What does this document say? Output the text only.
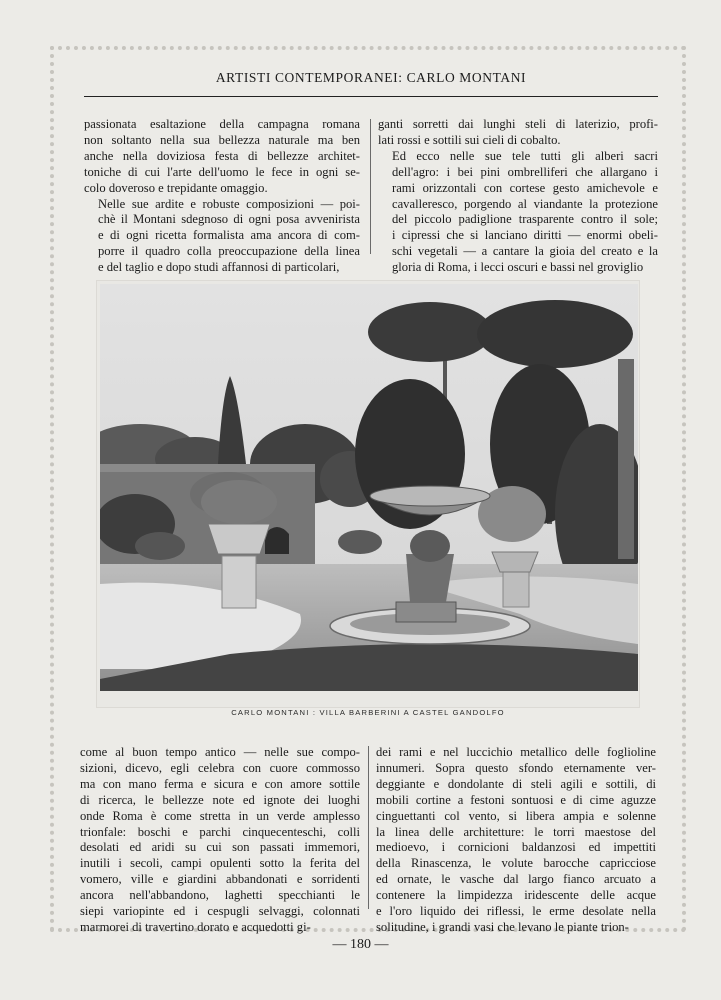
ARTISTI CONTEMPORANEI: CARLO MONTANI

passionata esaltazione della campagna romana
non soltanto nella sua bellezza naturale ma ben
anche nella doviziosa festa di bellezze architet-
toniche di cui l'arte dell'uomo le fece in ogni se-
colo doveroso e trepidante omaggio.

Nelle sue ardite e robuste composizioni — poi-
chè il Montani sdegnoso di ogni posa avvenirista
e di ogni ricetta formalista ama ancora di com-
porre il quadro colla preoccupazione della linea
e del taglio e dopo studi affannosi di particolari,

ganti sorretti dai lunghi steli di laterizio, profi-
lati rossi e sottili sui cieli di cobalto.

Ed ecco nelle sue tele tutti gli alberi sacri
dell'agro: i bei pini ombrelliferi che allargano i
rami orizzontali con cortese gesto amichevole e
cavalleresco, porgendo al viandante la protezione
del piccolo padiglione trasparente contro il sole;
i cipressi che si lanciano diritti — enormi obeli-
schi vegetali — a cantare la gioia del creato e la
gloria di Roma, i lecci oscuri e bassi nel groviglio

CARLO MONTANI : VILLA BARBERINI A CASTEL GANDOLFO

come al buon tempo antico — nelle sue compo-
sizioni, dicevo, egli celebra con cuore commosso
ma con mano ferma e sicura e con amore sottile
di ricerca, le bellezze note ed ignote dei luoghi
onde Roma è come stretta in un verde amplesso
trionfale: boschi e parchi cinquecenteschi, colli
desolati ed aridi su cui son passati immemori,
inutili i secoli, campi opulenti sotto la ferita del
vomero, ville e giardini abbandonati e sorridenti
ancora nell'abbandono, laghetti specchianti le
siepi variopinte ed i cespugli selvaggi, colonnati
marmorei di travertino dorato e acquedotti gi-

dei rami e nel luccichio metallico delle foglioline
innumeri. Sopra questo sfondo eternamente ver-
deggiante e dondolante di steli agili e sottili, di
mobili cortine a festoni sontuosi e di cime aguzze
cinguettanti col vento, si libera ampia e solenne
la linea delle architetture: le torri maestose del
medioevo, i cornicioni baldanzosi ed impettiti
della Rinascenza, le volute barocche capricciose
ed ornate, le vasche dal largo fianco arcuato a
contenere la limpidezza iridescente delle acque
e l'oro liquido dei riflessi, le erme desolate nella
solitudine, i grandi vasi che levano le piante trion-

— 180 —
